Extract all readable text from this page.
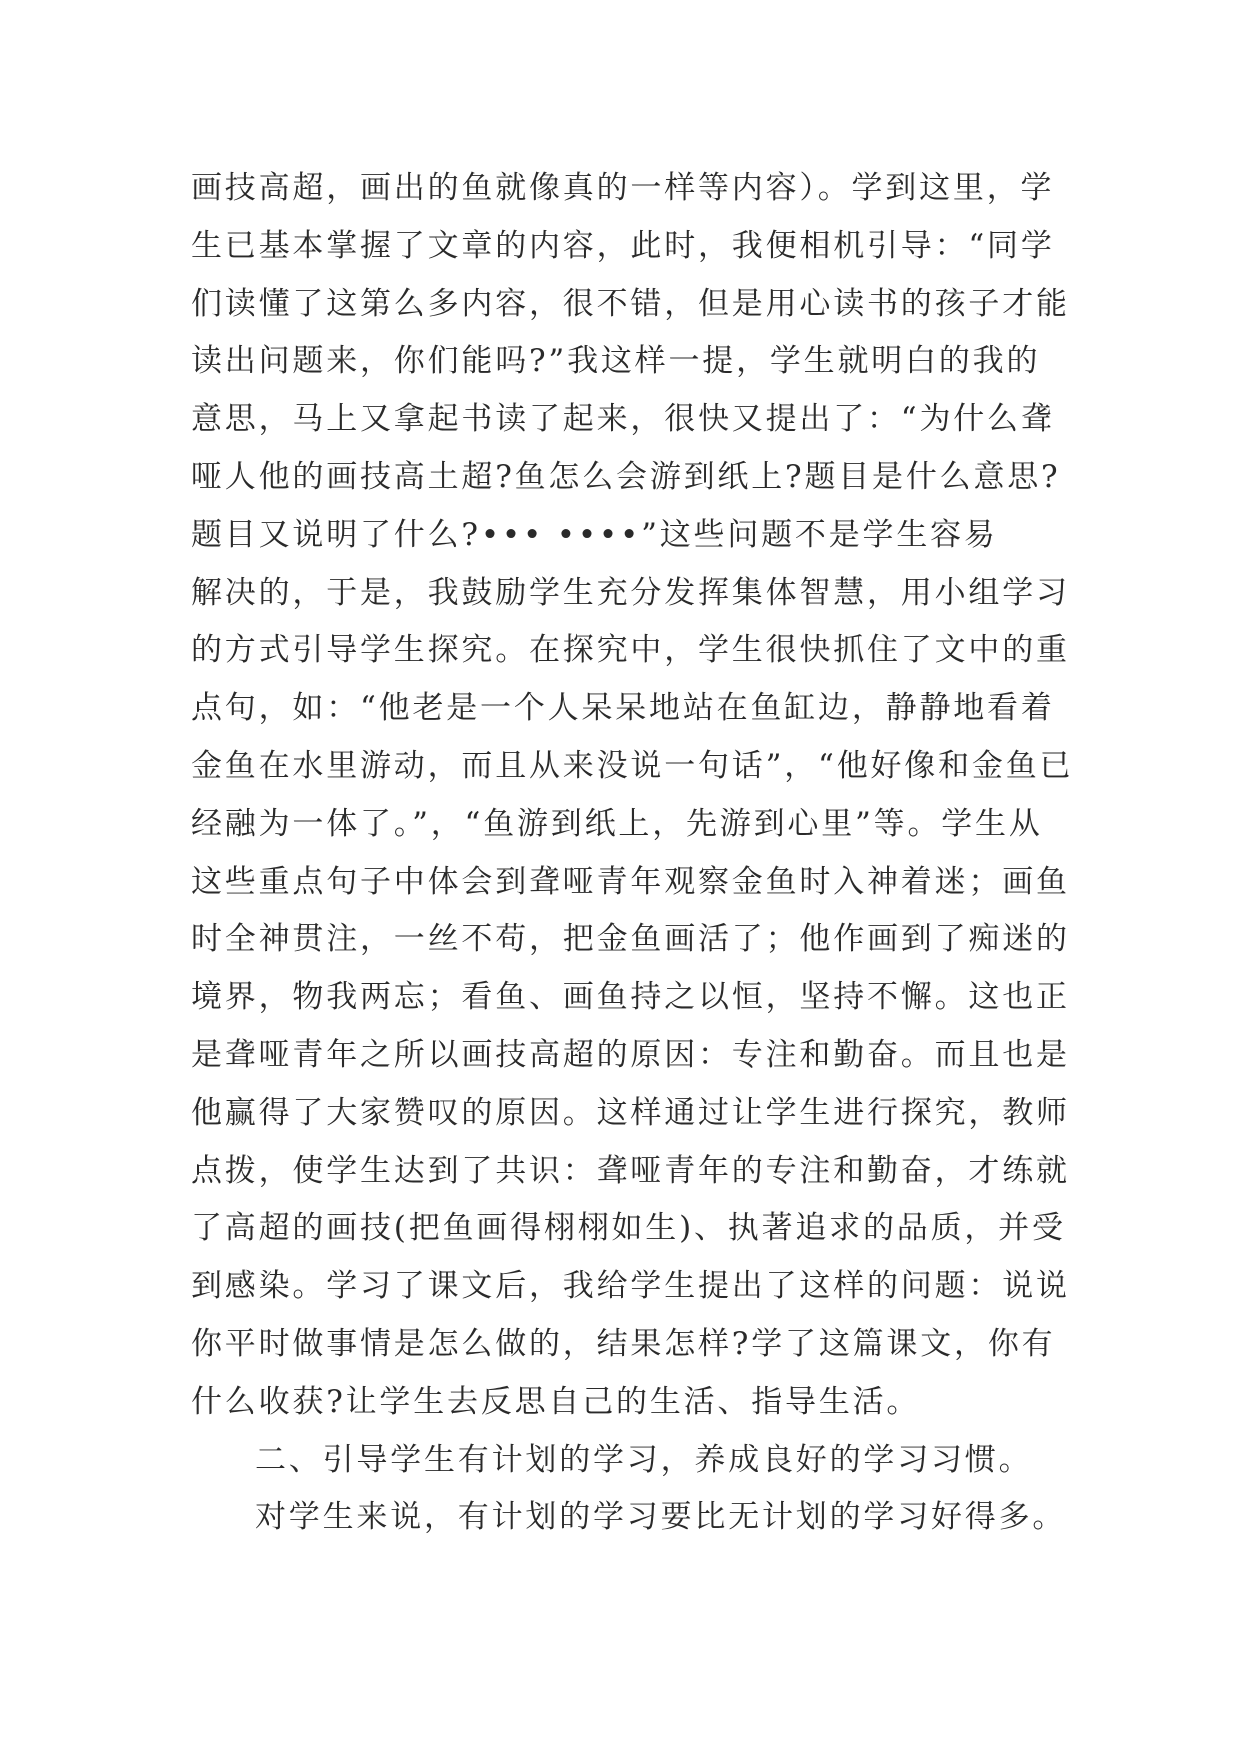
画技高超，画出的鱼就像真的一样等内容）。学到这里，学
生已基本掌握了文章的内容，此时，我便相机引导：“同学
们读懂了这第么多内容，很不错，但是用心读书的孩子才能
读出问题来，你们能吗?”我这样一提，学生就明白的我的
意思，马上又拿起书读了起来，很快又提出了：“为什么聋
哑人他的画技高土超?鱼怎么会游到纸上?题目是什么意思?
题目又说明了什么?••• ••••”这些问题不是学生容易
解决的，于是，我鼓励学生充分发挥集体智慧，用小组学习
的方式引导学生探究。在探究中，学生很快抓住了文中的重
点句，如：“他老是一个人呆呆地站在鱼缸边，静静地看着
金鱼在水里游动，而且从来没说一句话”，“他好像和金鱼已
经融为一体了。”，“鱼游到纸上，先游到心里”等。学生从
这些重点句子中体会到聋哑青年观察金鱼时入神着迷；画鱼
时全神贯注，一丝不苟，把金鱼画活了；他作画到了痴迷的
境界，物我两忘；看鱼、画鱼持之以恒，坚持不懈。这也正
是聋哑青年之所以画技高超的原因：专注和勤奋。而且也是
他赢得了大家赞叹的原因。这样通过让学生进行探究，教师
点拨，使学生达到了共识：聋哑青年的专注和勤奋，才练就
了高超的画技(把鱼画得栩栩如生)、执著追求的品质，并受
到感染。学习了课文后，我给学生提出了这样的问题：说说
你平时做事情是怎么做的，结果怎样?学了这篇课文，你有
什么收获?让学生去反思自己的生活、指导生活。
二、引导学生有计划的学习，养成良好的学习习惯。
对学生来说，有计划的学习要比无计划的学习好得多。
